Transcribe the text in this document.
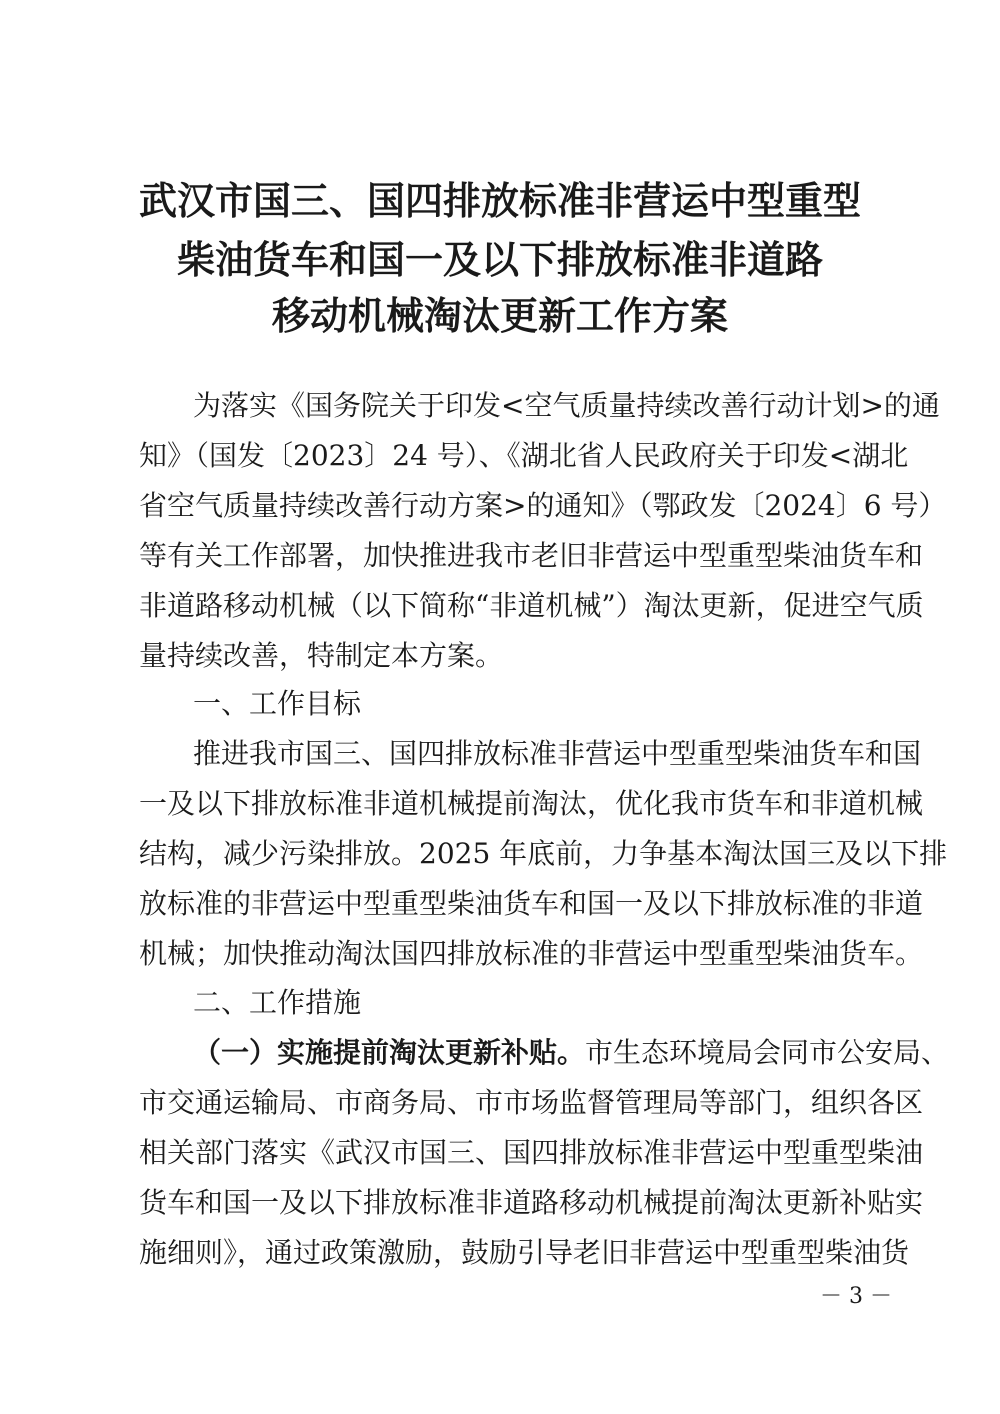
武汉市国三、国四排放标准非营运中型重型
柴油货车和国一及以下排放标准非道路
移动机械淘汰更新工作方案
为落实《国务院关于印发<空气质量持续改善行动计划>的通
知》（国发〔2023〕24 号）、《湖北省人民政府关于印发<湖北
省空气质量持续改善行动方案>的通知》（鄂政发〔2024〕6 号）
等有关工作部署，加快推进我市老旧非营运中型重型柴油货车和
非道路移动机械（以下简称“非道机械”）淘汰更新，促进空气质
量持续改善，特制定本方案。
一、工作目标
推进我市国三、国四排放标准非营运中型重型柴油货车和国
一及以下排放标准非道机械提前淘汰，优化我市货车和非道机械
结构，减少污染排放。2025 年底前，力争基本淘汰国三及以下排
放标准的非营运中型重型柴油货车和国一及以下排放标准的非道
机械；加快推动淘汰国四排放标准的非营运中型重型柴油货车。
二、工作措施
（一）实施提前淘汰更新补贴。市生态环境局会同市公安局、
市交通运输局、市商务局、市市场监督管理局等部门，组织各区
相关部门落实《武汉市国三、国四排放标准非营运中型重型柴油
货车和国一及以下排放标准非道路移动机械提前淘汰更新补贴实
施细则》，通过政策激励，鼓励引导老旧非营运中型重型柴油货
－ 3 －
